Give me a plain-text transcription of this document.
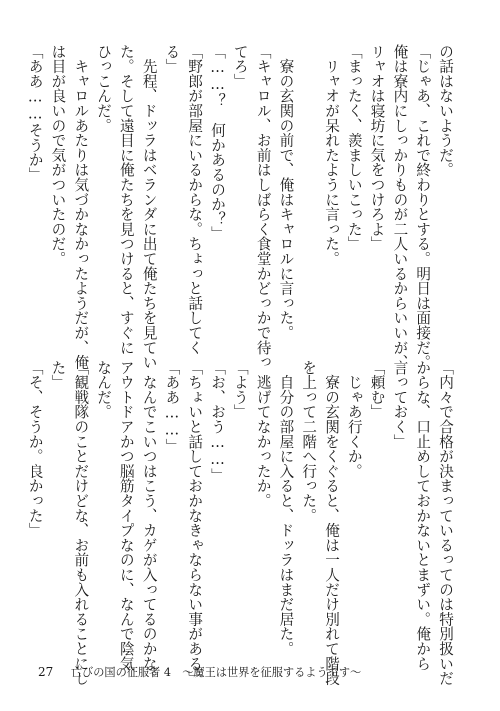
の話はないようだ。
「じゃあ、これで終わりとする。明日は面接だ。
俺は寮内にしっかりものが二人いるからいいが、
リャオは寝坊に気をつけろよ」
「まったく、羨ましいこった」
　リャオが呆れたように言った。

　寮の玄関の前で、俺はキャロルに言った。
「キャロル、お前はしばらく食堂かどっかで待っ
てろ」
「……？　何かあるのか？」
「野郎が部屋にいるからな。ちょっと話してく
る」
　先程、ドッラはベランダに出て俺たちを見てい
た。そして遠目に俺たちを見つけると、すぐに
ひっこんだ。
　キャロルあたりは気づかなかったようだが、俺
は目が良いので気がついたのだ。
「ああ……そうか」
「内々で合格が決まっているってのは特別扱いだ
からな、口止めしておかないとまずい。俺から
言っておく」
「頼む」
　じゃあ行くか。
　寮の玄関をくぐると、俺は一人だけ別れて階段
を上って二階へ行った。
　自分の部屋に入ると、ドッラはまだ居た。
　逃げてなかったか。
「よう」
「お、おう……」
「ちょいと話しておかなきゃならない事がある」
「ああ……」
　なんでこいつはこう、カゲが入ってるのかな。
アウトドアかつ脳筋タイプなのに、なんで陰気
なんだ。
「観戦隊のことだけどな、お前も入れることにし
た」
「そ、そうか。良かった」
27 亡びの国の征服者 4　～魔王は世界を征服するようです～
